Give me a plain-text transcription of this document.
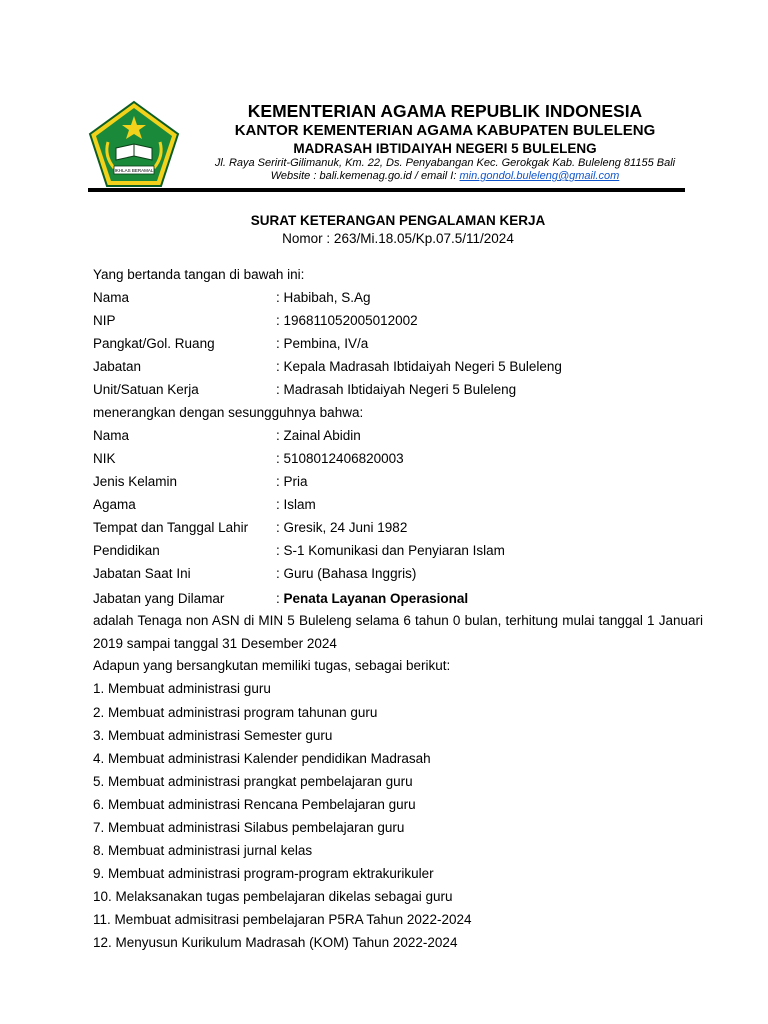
IKHLAS BERAMAL
KEMENTERIAN AGAMA REPUBLIK INDONESIA
KANTOR KEMENTERIAN AGAMA KABUPATEN BULELENG
MADRASAH IBTIDAIYAH NEGERI 5 BULELENG
Jl. Raya Seririt-Gilimanuk, Km. 22, Ds. Penyabangan Kec. Gerokgak Kab. Buleleng 81155 Bali
Website : bali.kemenag.go.id / email I: min.gondol.buleleng@gmail.com
SURAT KETERANGAN PENGALAMAN KERJA
Nomor : 263/Mi.18.05/Kp.07.5/11/2024
Yang bertanda tangan di bawah ini:
Nama	: Habibah, S.Ag
NIP	: 196811052005012002
Pangkat/Gol. Ruang	: Pembina, IV/a
Jabatan	: Kepala Madrasah Ibtidaiyah Negeri 5 Buleleng
Unit/Satuan Kerja	: Madrasah Ibtidaiyah Negeri 5 Buleleng
menerangkan dengan sesungguhnya bahwa:
Nama	: Zainal Abidin
NIK	: 5108012406820003
Jenis Kelamin	: Pria
Agama	: Islam
Tempat dan Tanggal Lahir : Gresik, 24 Juni 1982
Pendidikan	: S-1 Komunikasi dan Penyiaran Islam
Jabatan Saat Ini	: Guru (Bahasa Inggris)
Jabatan yang Dilamar	: Penata Layanan Operasional
adalah Tenaga non ASN di MIN 5 Buleleng selama 6 tahun 0 bulan, terhitung mulai tanggal 1 Januari 2019 sampai tanggal 31 Desember 2024
Adapun yang bersangkutan memiliki tugas, sebagai berikut:
1. Membuat administrasi guru
2. Membuat administrasi program tahunan guru
3. Membuat administrasi Semester guru
4. Membuat administrasi Kalender pendidikan Madrasah
5. Membuat administrasi prangkat pembelajaran guru
6. Membuat administrasi Rencana Pembelajaran guru
7. Membuat administrasi Silabus pembelajaran guru
8. Membuat administrasi jurnal kelas
9. Membuat administrasi program-program ektrakurikuler
10. Melaksanakan tugas pembelajaran dikelas sebagai guru
11. Membuat admisitrasi pembelajaran P5RA Tahun 2022-2024
12. Menyusun Kurikulum Madrasah (KOM) Tahun 2022-2024
